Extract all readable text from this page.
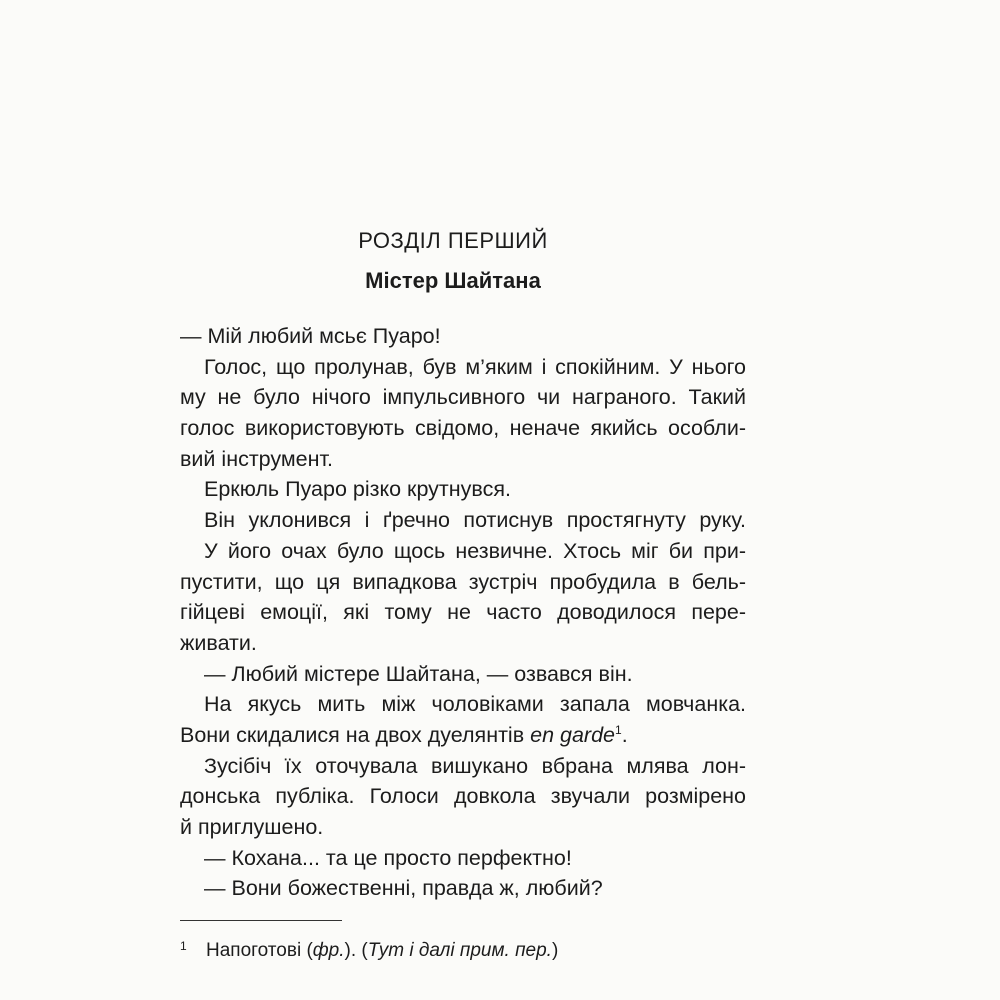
РОЗДІЛ ПЕРШИЙ
Містер Шайтана
— Мій любий мсьє Пуаро!
Голос, що пролунав, був м’яким і спокійним. У нього
му не було нічого імпульсивного чи награного. Такий
голос використовують свідомо, неначе якийсь особли-
вий інструмент.
Еркюль Пуаро різко крутнувся.
Він уклонився і ґречно потиснув простягнуту руку.
У його очах було щось незвичне. Хтось міг би при-
пустити, що ця випадкова зустріч пробудила в бель-
гійцеві емоції, які тому не часто доводилося пере-
живати.
— Любий містере Шайтана, — озвався він.
На якусь мить між чоловіками запала мовчанка.
Вони скидалися на двох дуелянтів en garde$^1$.
Зусібіч їх оточувала вишукано вбрана млява лон-
донська публіка. Голоси довкола звучали розмірено
й приглушено.
— Кохана... та це просто перфектно!
— Вони божественні, правда ж, любий?
1 Напоготові (фр.). (Тут і далі прим. пер.)
